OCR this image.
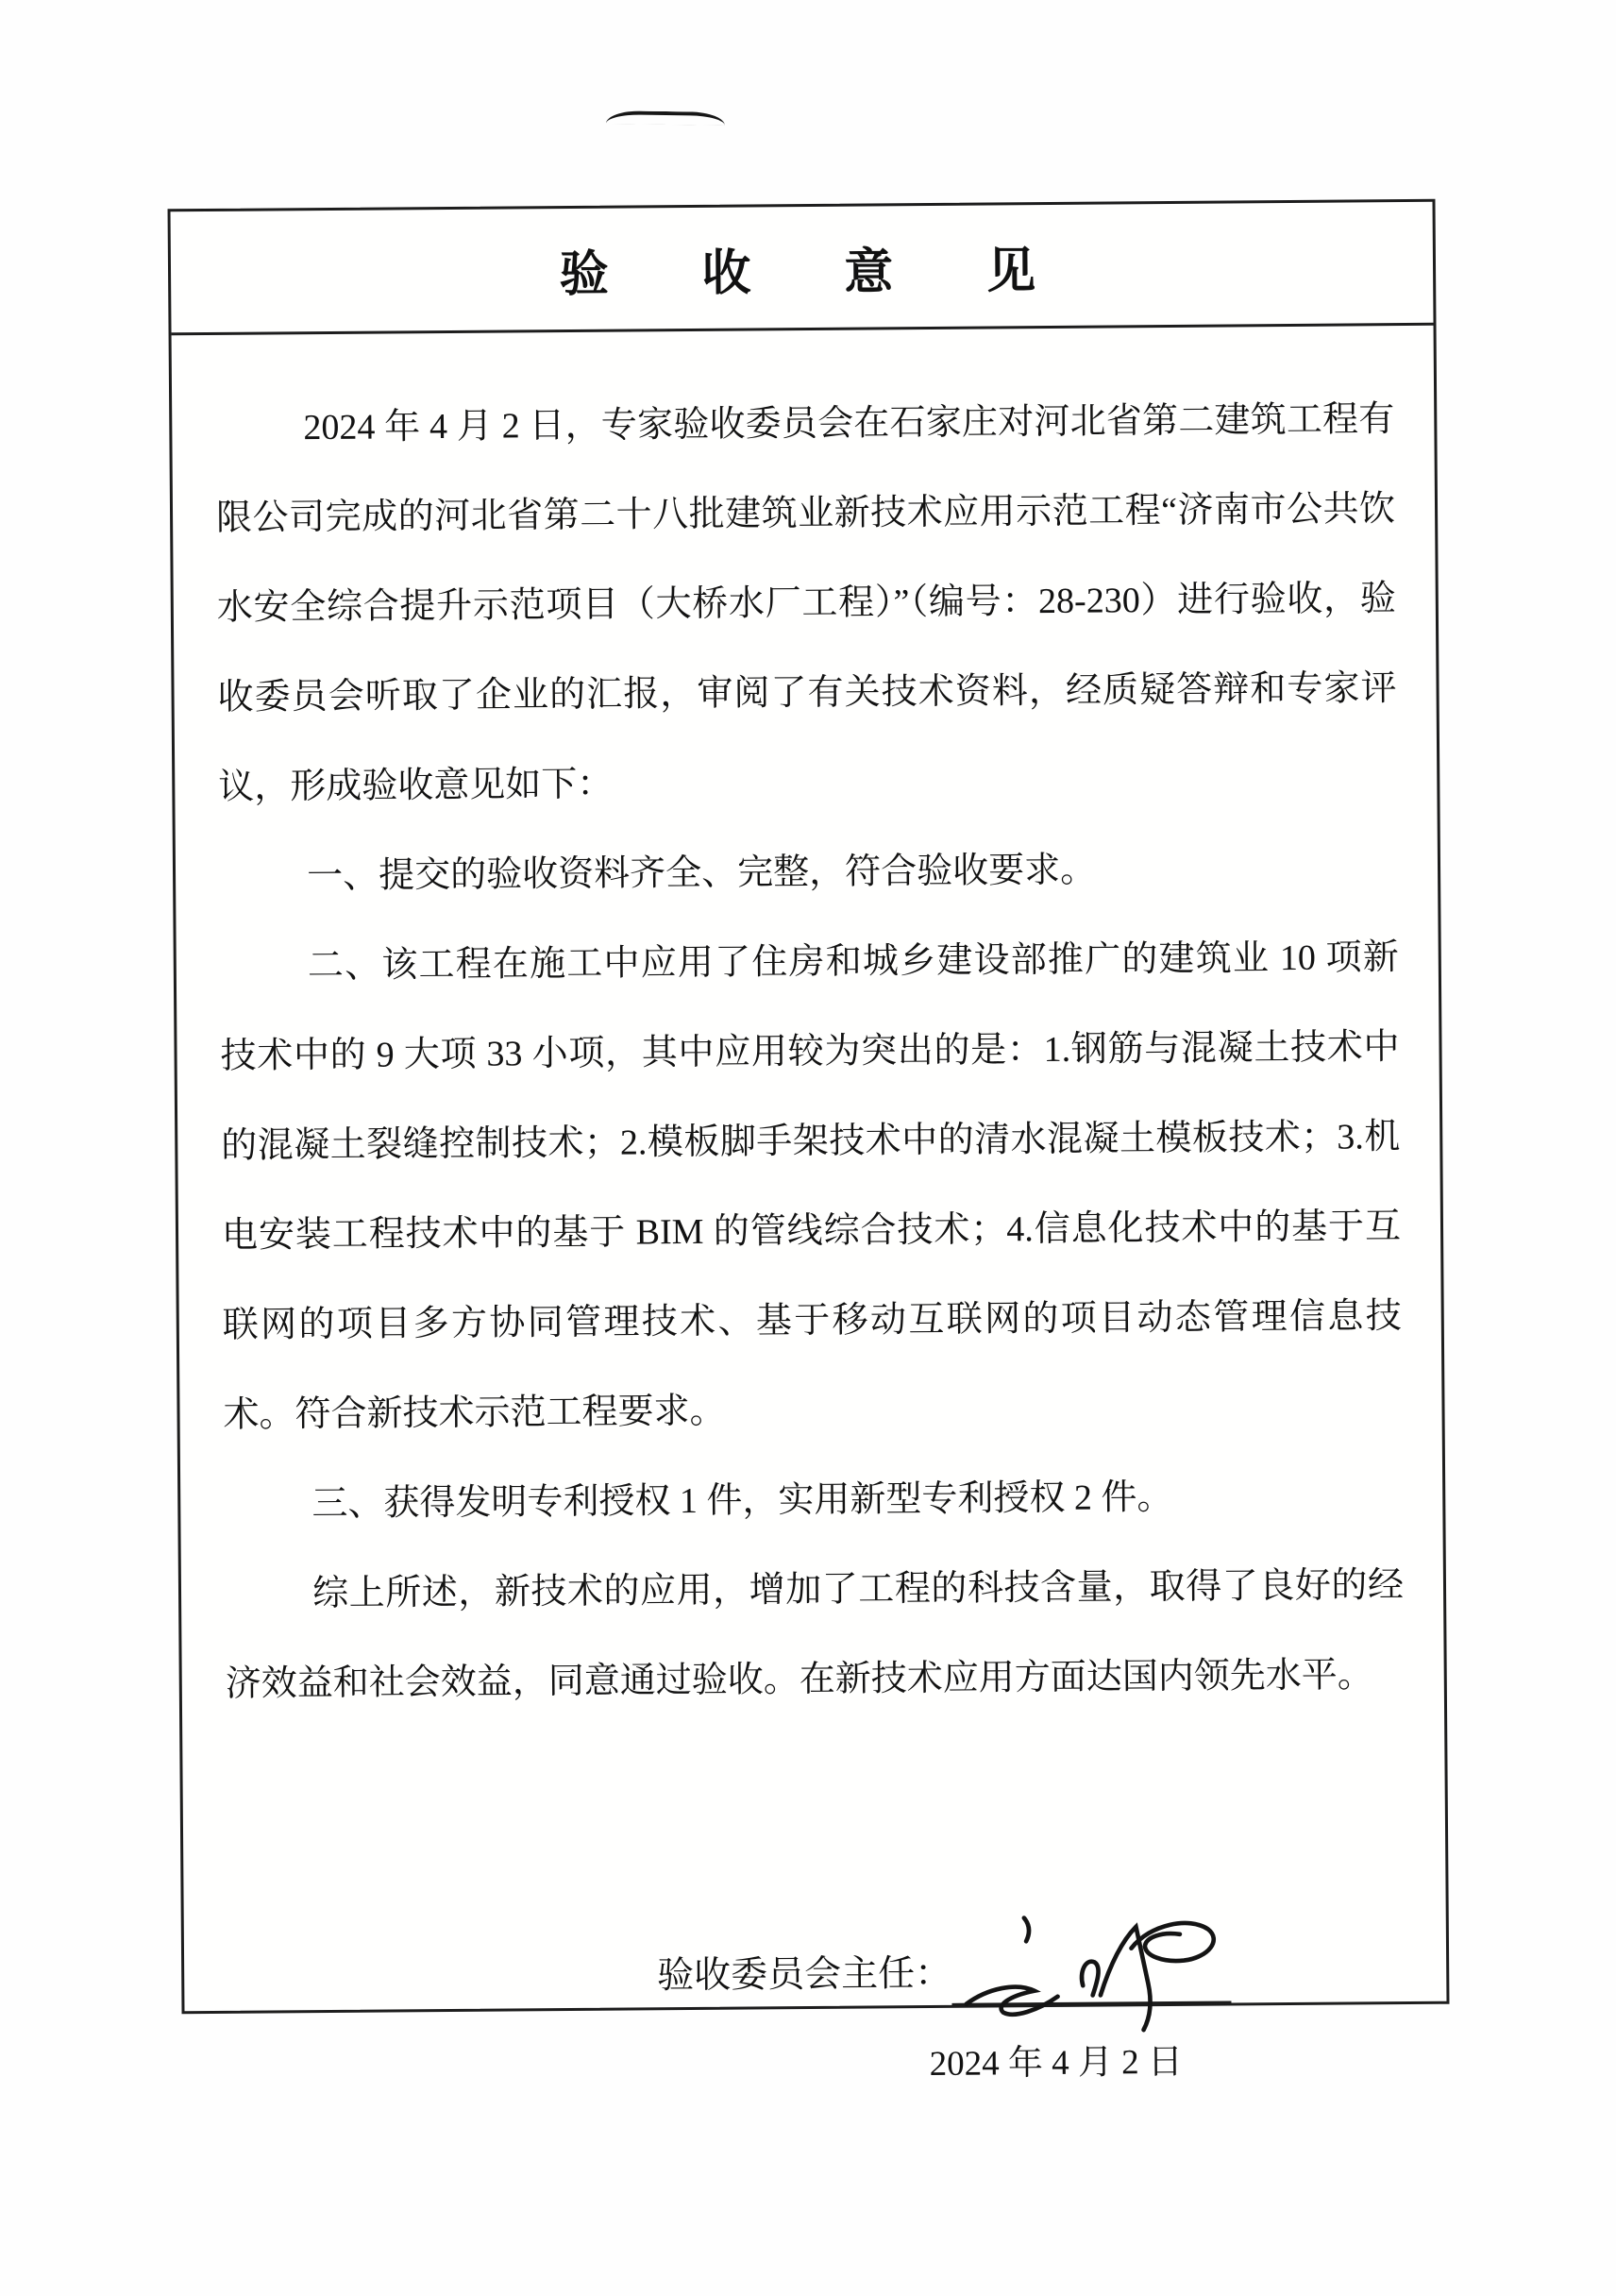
验    收    意    见

2024 年 4 月 2 日，专家验收委员会在石家庄对河北省第二建筑工程有限公司完成的河北省第二十八批建筑业新技术应用示范工程“济南市公共饮水安全综合提升示范项目（大桥水厂工程）”（编号：28-230）进行验收，验收委员会听取了企业的汇报，审阅了有关技术资料，经质疑答辩和专家评议，形成验收意见如下：

一、提交的验收资料齐全、完整，符合验收要求。

二、该工程在施工中应用了住房和城乡建设部推广的建筑业 10 项新技术中的 9 大项 33 小项，其中应用较为突出的是：1.钢筋与混凝土技术中的混凝土裂缝控制技术；2.模板脚手架技术中的清水混凝土模板技术；3.机电安装工程技术中的基于 BIM 的管线综合技术；4.信息化技术中的基于互联网的项目多方协同管理技术、基于移动互联网的项目动态管理信息技术。符合新技术示范工程要求。

三、获得发明专利授权 1 件，实用新型专利授权 2 件。

综上所述，新技术的应用，增加了工程的科技含量，取得了良好的经济效益和社会效益，同意通过验收。在新技术应用方面达国内领先水平。

验收委员会主任：
2024 年 4 月 2 日
